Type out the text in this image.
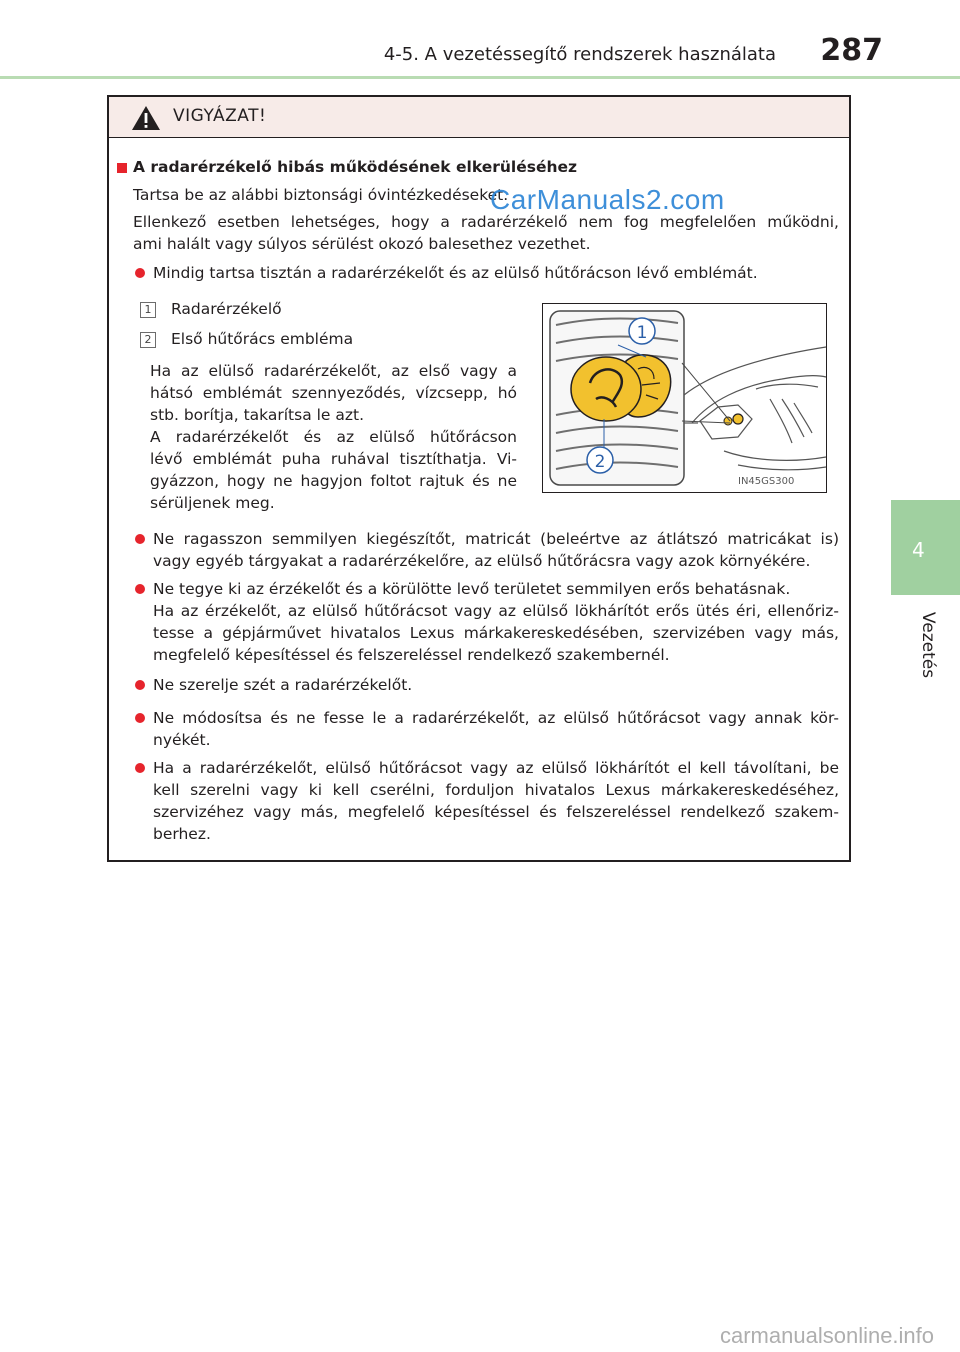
4-5. A vezetéssegítő rendszerek használata 287
4
Vezetés
VIGYÁZAT!
A radarérzékelő hibás működésének elkerüléséhez
Tartsa be az alábbi biztonsági óvintézkedéseket.
Ellenkező esetben lehetséges, hogy a radarérzékelő nem fog megfelelően működni,
ami halált vagy súlyos sérülést okozó balesethez vezethet.
Mindig tartsa tisztán a radarérzékelőt és az elülső hűtőrácson lévő emblémát.
1 Radarérzékelő
2 Első hűtőrács embléma
Ha az elülső radarérzékelőt, az első vagy a
hátsó emblémát szennyeződés, vízcsepp, hó
stb. borítja, takarítsa le azt.
A radarérzékelőt és az elülső hűtőrácson
lévő emblémát puha ruhával tisztíthatja. Vi-
gyázzon, hogy ne hagyjon foltot rajtuk és ne
sérüljenek meg.
1
2
IN45GS300
Ne ragasszon semmilyen kiegészítőt, matricát (beleértve az átlátszó matricákat is)
vagy egyéb tárgyakat a radarérzékelőre, az elülső hűtőrácsra vagy azok környékére.
Ne tegye ki az érzékelőt és a körülötte levő területet semmilyen erős behatásnak.
Ha az érzékelőt, az elülső hűtőrácsot vagy az elülső lökhárítót erős ütés éri, ellenőriz-
tesse a gépjárművet hivatalos Lexus márkakereskedésében, szervizében vagy más,
megfelelő képesítéssel és felszereléssel rendelkező szakembernél.
Ne szerelje szét a radarérzékelőt.
Ne módosítsa és ne fesse le a radarérzékelőt, az elülső hűtőrácsot vagy annak kör-
nyékét.
Ha a radarérzékelőt, elülső hűtőrácsot vagy az elülső lökhárítót el kell távolítani, be
kell szerelni vagy ki kell cserélni, forduljon hivatalos Lexus márkakereskedéséhez,
szervizéhez vagy más, megfelelő képesítéssel és felszereléssel rendelkező szakem-
berhez.
CarManuals2.com
carmanualsonline.info
